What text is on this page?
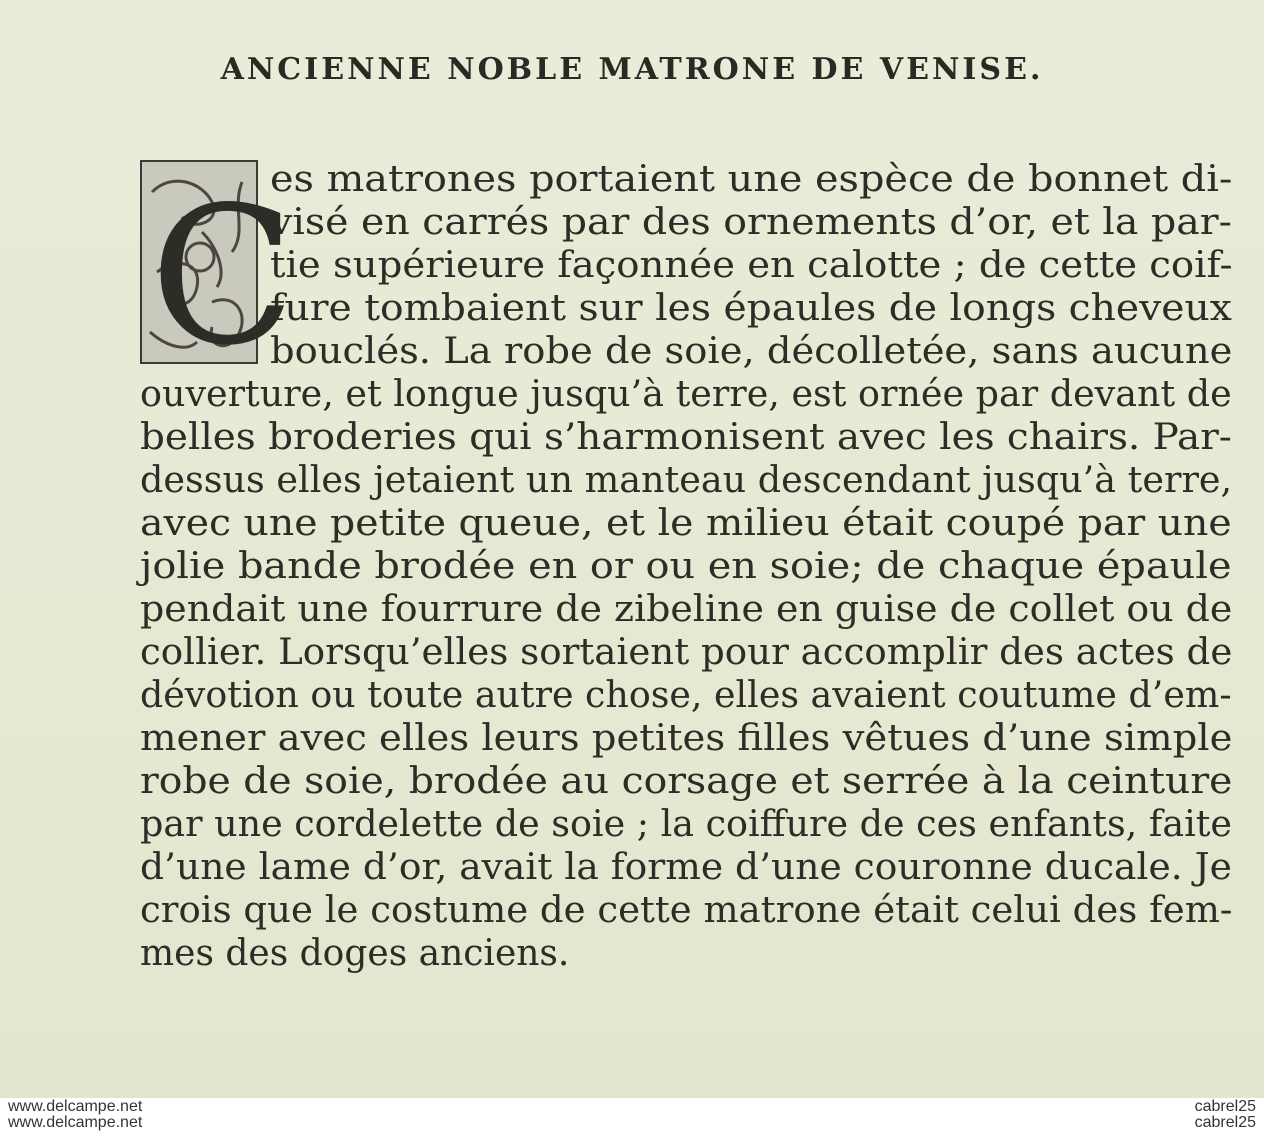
ANCIENNE NOBLE MATRONE DE VENISE.
C
es matrones portaient une espèce de bonnet di-
visé en carrés par des ornements d’or, et la par-
tie supérieure façonnée en calotte ; de cette coif-
fure tombaient sur les épaules de longs cheveux
bouclés. La robe de soie, décolletée, sans aucune
ouverture, et longue jusqu’à terre, est ornée par devant de
belles broderies qui s’harmonisent avec les chairs. Par-
dessus elles jetaient un manteau descendant jusqu’à terre,
avec une petite queue, et le milieu était coupé par une
jolie bande brodée en or ou en soie; de chaque épaule
pendait une fourrure de zibeline en guise de collet ou de
collier. Lorsqu’elles sortaient pour accomplir des actes de
dévotion ou toute autre chose, elles avaient coutume d’em-
mener avec elles leurs petites filles vêtues d’une simple
robe de soie, brodée au corsage et serrée à la ceinture
par une cordelette de soie ; la coiffure de ces enfants, faite
d’une lame d’or, avait la forme d’une couronne ducale. Je
crois que le costume de cette matrone était celui des fem-
mes des doges anciens.
www.delcampe.net
www.delcampe.net
cabrel25
cabrel25
